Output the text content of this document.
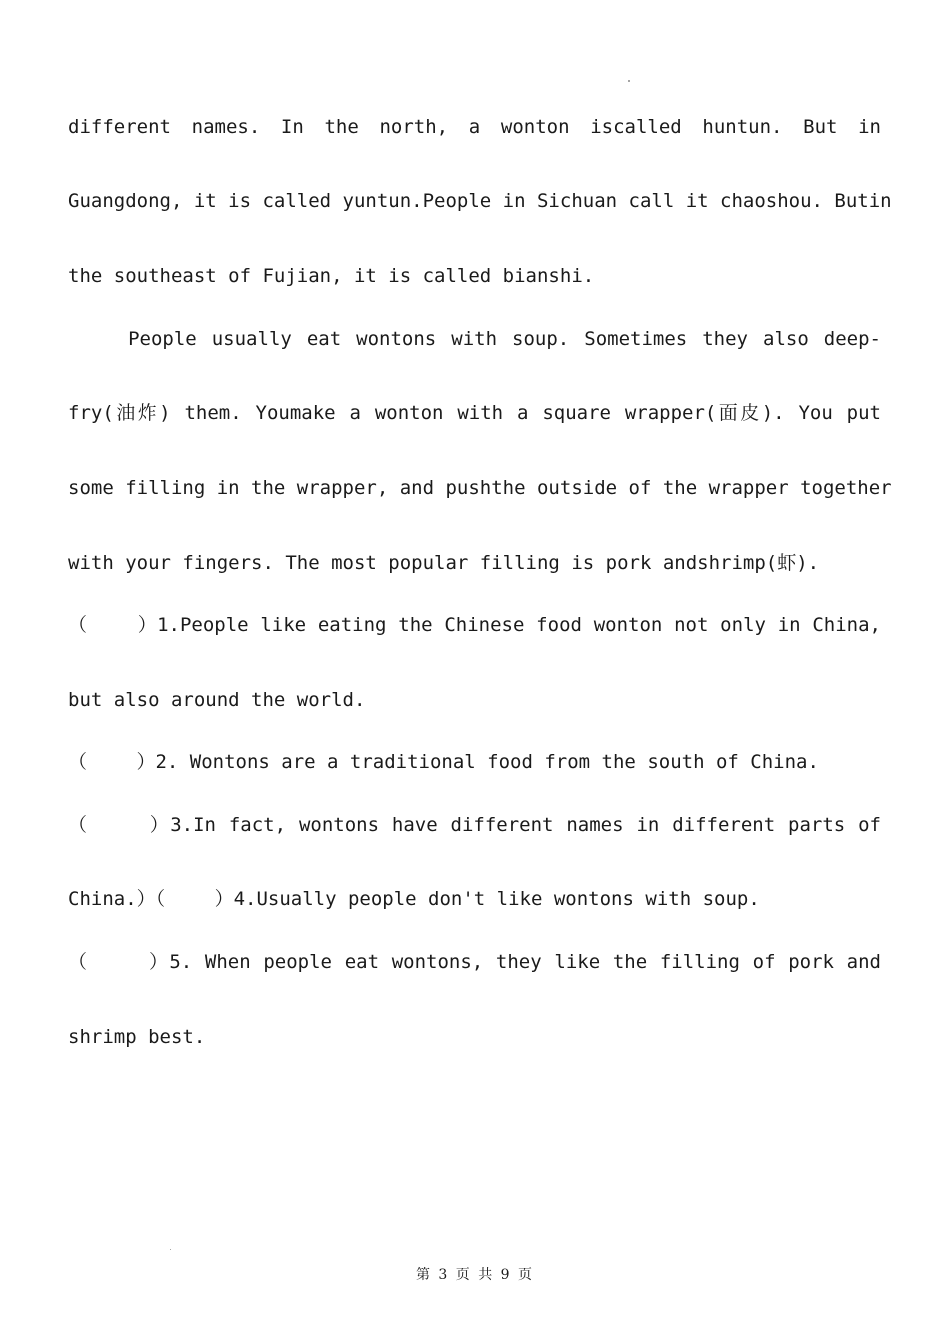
different names. In the north, a wonton iscalled huntun. But in
Guangdong, it is called yuntun.People in Sichuan call it chaoshou. Butin
the southeast of Fujian, it is called bianshi.
People usually eat wontons with soup. Sometimes they also deep-
fry(油炸) them. Youmake a wonton with a square wrapper(面皮). You put
some filling in the wrapper, and pushthe outside of the wrapper together
with your fingers. The most popular filling is pork andshrimp(虾).
（　　 ）1.People like eating the Chinese food wonton not only in China,
but also around the world.
（　　 ）2. Wontons are a traditional food from the south of China.
（　　　）3.In fact, wontons have different names in different parts of
China.）（　　 ）4.Usually people don't like wontons with soup.
（　　　）5. When people eat wontons, they like the filling of pork and
shrimp best.
第 3 页 共 9 页
